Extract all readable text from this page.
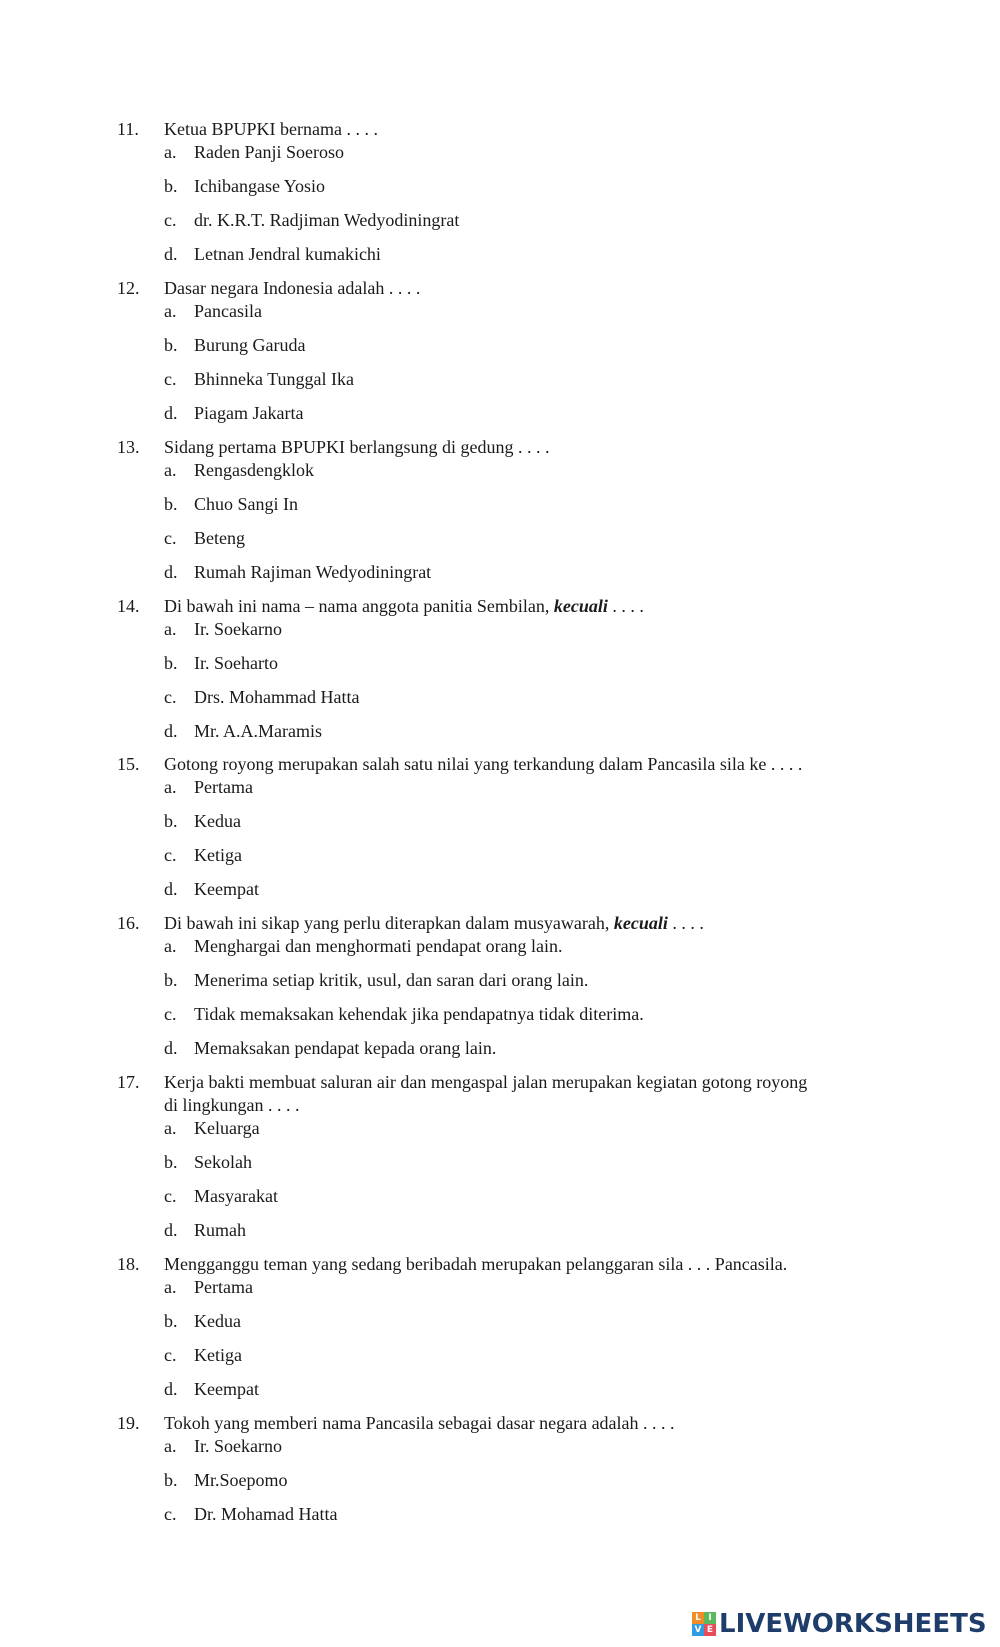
11. Ketua BPUPKI bernama . . . .
a. Raden Panji Soeroso
b. Ichibangase Yosio
c. dr. K.R.T. Radjiman Wedyodiningrat
d. Letnan Jendral kumakichi
12. Dasar negara Indonesia adalah . . . .
a. Pancasila
b. Burung Garuda
c. Bhinneka Tunggal Ika
d. Piagam Jakarta
13. Sidang pertama BPUPKI berlangsung di gedung . . . .
a. Rengasdengklok
b. Chuo Sangi In
c. Beteng
d. Rumah Rajiman Wedyodiningrat
14. Di bawah ini nama – nama anggota panitia Sembilan, kecuali . . . .
a. Ir. Soekarno
b. Ir. Soeharto
c. Drs. Mohammad Hatta
d. Mr. A.A.Maramis
15. Gotong royong merupakan salah satu nilai yang terkandung dalam Pancasila sila ke . . . .
a. Pertama
b. Kedua
c. Ketiga
d. Keempat
16. Di bawah ini sikap yang perlu diterapkan dalam musyawarah, kecuali . . . .
a. Menghargai dan menghormati pendapat orang lain.
b. Menerima setiap kritik, usul, dan saran dari orang lain.
c. Tidak memaksakan kehendak jika pendapatnya tidak diterima.
d. Memaksakan pendapat kepada orang lain.
17. Kerja bakti membuat saluran air dan mengaspal jalan merupakan kegiatan gotong royong
di lingkungan . . . .
a. Keluarga
b. Sekolah
c. Masyarakat
d. Rumah
18. Mengganggu teman yang sedang beribadah merupakan pelanggaran sila . . . Pancasila.
a. Pertama
b. Kedua
c. Ketiga
d. Keempat
19. Tokoh yang memberi nama Pancasila sebagai dasar negara adalah . . . .
a. Ir. Soekarno
b. Mr.Soepomo
c. Dr. Mohamad Hatta
L I
V E LIVEWORKSHEETS
